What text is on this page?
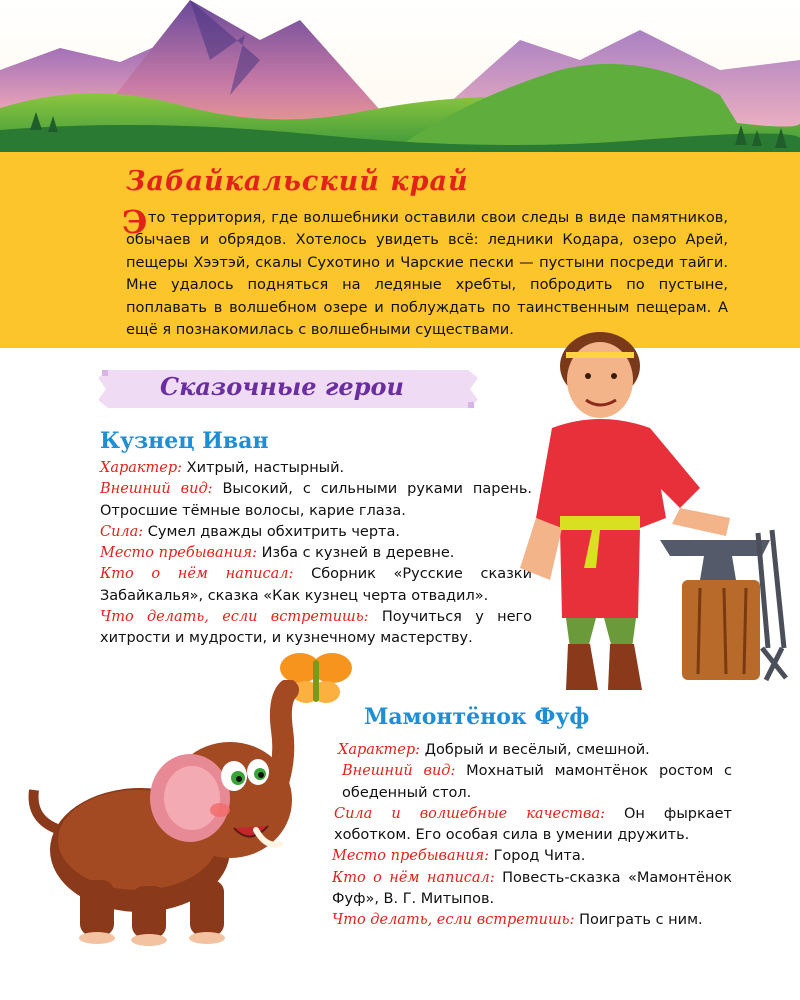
Забайкальский край
Э то территория, где волшебники оставили свои следы в виде памятников, обычаев и обрядов. Хотелось увидеть всё: ледники Кодара, озеро Арей, пещеры Хээтэй, скалы Сухотино и Чарские пески — пустыни посреди тайги. Мне удалось подняться на ледяные хребты, побродить по пустыне, поплавать в волшебном озере и поблуждать по таинственным пещерам. А ещё я познакомилась с волшебными существами.

Сказочные герои
Кузнец Иван

Характер: Хитрый, настырный.

Внешний вид: Высокий, с сильными руками парень. Отросшие тёмные волосы, карие глаза.

Сила: Сумел дважды обхитрить черта.

Место пребывания: Изба с кузней в деревне.

Кто о нём написал: Сборник «Русские сказки Забайкалья», сказка «Как кузнец черта отвадил».

Что делать, если встретишь: Поучиться у него хитрости и мудрости, и кузнечному мастерству.

Мамонтёнок Фуф

Характер: Добрый и весёлый, смешной.

Внешний вид: Мохнатый мамонтёнок ростом с обеденный стол.

Сила и волшебные качества: Он фыркает хоботком. Его особая сила в умении дружить.

Место пребывания: Город Чита.

Кто о нём написал: Повесть-сказка «Мамонтёнок Фуф», В. Г. Митыпов.

Что делать, если встретишь: Поиграть с ним.
